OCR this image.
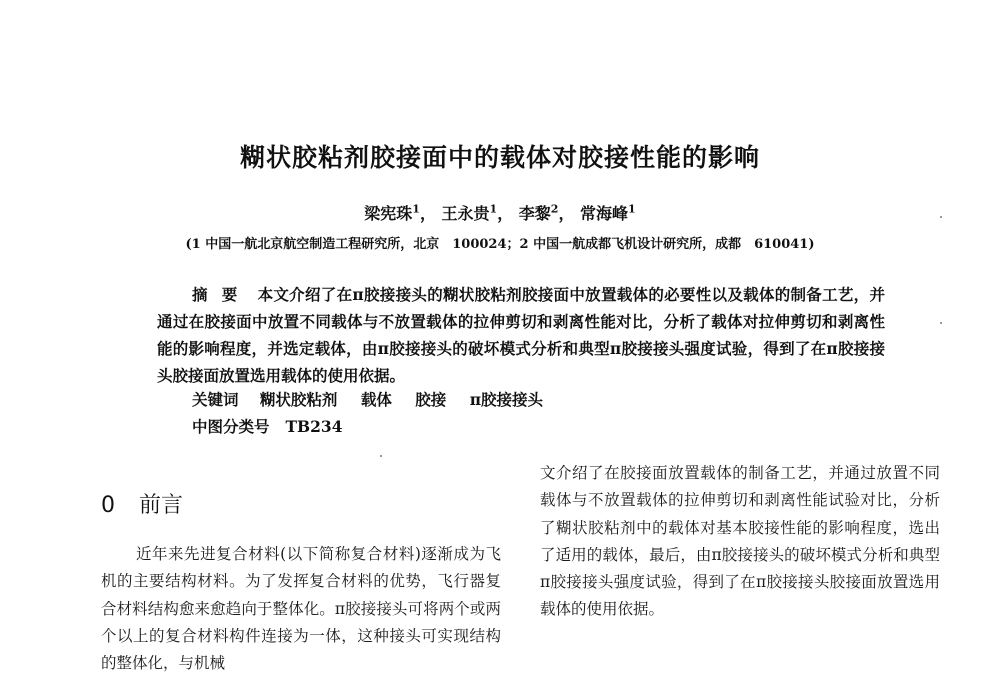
糊状胶粘剂胶接面中的载体对胶接性能的影响
梁宪珠$^1$， 王永贵$^1$， 李黎$^2$， 常海峰$^1$
(1 中国一航北京航空制造工程研究所，北京　100024；2 中国一航成都飞机设计研究所，成都　610041)
摘要 本文介绍了在π胶接接头的糊状胶粘剂胶接面中放置载体的必要性以及载体的制备工艺，并通过在胶接面中放置不同载体与不放置载体的拉伸剪切和剥离性能对比，分析了载体对拉伸剪切和剥离性能的影响程度，并选定载体，由π胶接接头的破坏模式分析和典型π胶接接头强度试验，得到了在π胶接接头胶接面放置选用载体的使用依据。
关键词 糊状胶粘剂 载体 胶接 π胶接接头
中图分类号 TB234
0 前言
近年来先进复合材料(以下简称复合材料)逐渐成为飞机的主要结构材料。为了发挥复合材料的优势，飞行器复合材料结构愈来愈趋向于整体化。π胶接接头可将两个或两个以上的复合材料构件连接为一体，这种接头可实现结构的整体化，与机械
文介绍了在胶接面放置载体的制备工艺，并通过放置不同载体与不放置载体的拉伸剪切和剥离性能试验对比，分析了糊状胶粘剂中的载体对基本胶接性能的影响程度，选出了适用的载体，最后，由π胶接接头的破坏模式分析和典型π胶接接头强度试验，得到了在π胶接接头胶接面放置选用载体的使用依据。
